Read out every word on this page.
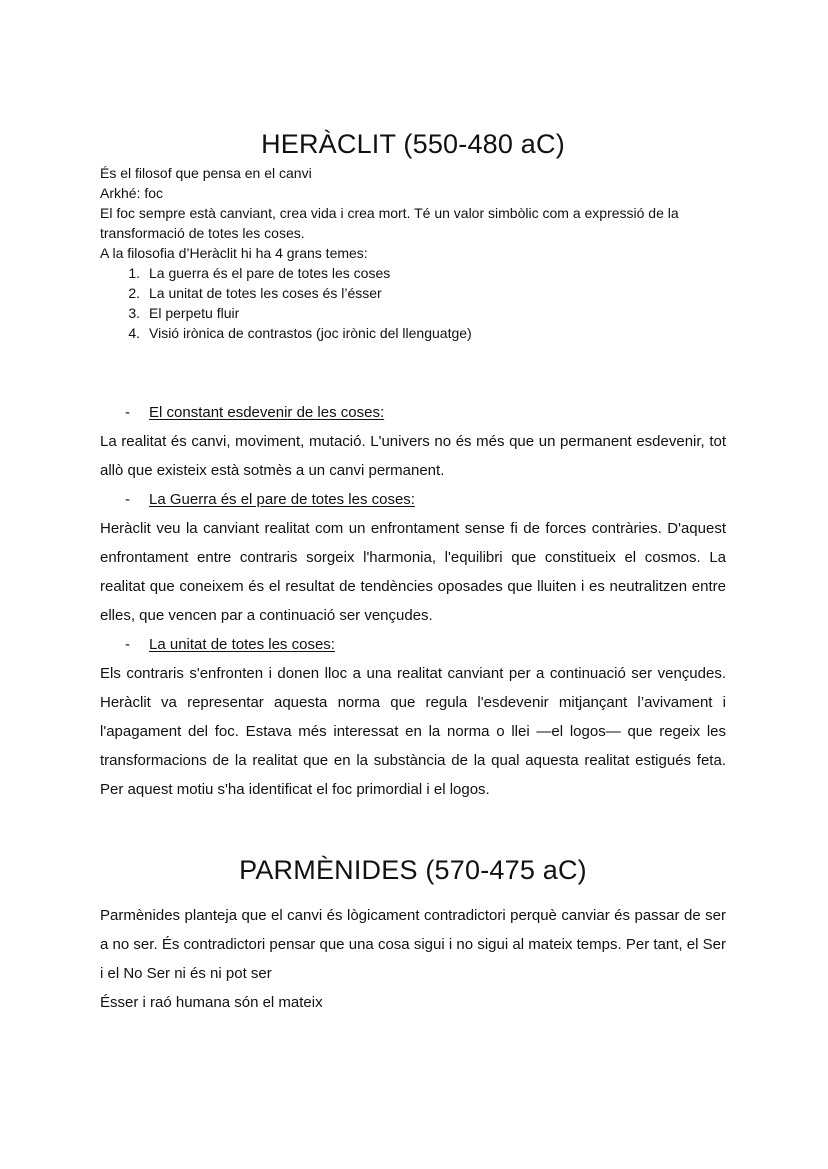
HERÀCLIT (550-480 aC)

És el filosof que pensa en el canvi

Arkhé: foc

El foc sempre està canviant, crea vida i crea mort. Té un valor simbòlic com a expressió de la transformació de totes les coses.

A la filosofia d’Heràclit hi ha 4 grans temes:

1. La guerra és el pare de totes les coses
2. La unitat de totes les coses és l’ésser
3. El perpetu fluir
4. Visió irònica de contrastos (joc irònic del llenguatge)
-	El constant esdevenir de les coses:

La realitat és canvi, moviment, mutació. L'univers no és més que un permanent esdevenir, tot allò que existeix està sotmès a un canvi permanent.

-	La Guerra és el pare de totes les coses:

Heràclit veu la canviant realitat com un enfrontament sense fi de forces contràries. D'aquest enfrontament entre contraris sorgeix l'harmonia, l'equilibri que constitueix el cosmos. La realitat que coneixem és el resultat de tendències oposades que lluiten i es neutralitzen entre elles, que vencen par a continuació ser vençudes.

-	La unitat de totes les coses:

Els contraris s'enfronten i donen lloc a una realitat canviant per a continuació ser vençudes. Heràclit va representar aquesta norma que regula l'esdevenir mitjançant l’avivament i l'apagament del foc. Estava més interessat en la norma o llei —el logos— que regeix les transformacions de la realitat que en la substància de la qual aquesta realitat estigués feta. Per aquest motiu s'ha identificat el foc primordial i el logos.

PARMÈNIDES (570-475 aC)

Parmènides planteja que el canvi és lògicament contradictori perquè canviar és passar de ser a no ser. És contradictori pensar que una cosa sigui i no sigui al mateix temps. Per tant, el Ser i el No Ser ni és ni pot ser

Ésser i raó humana són el mateix
